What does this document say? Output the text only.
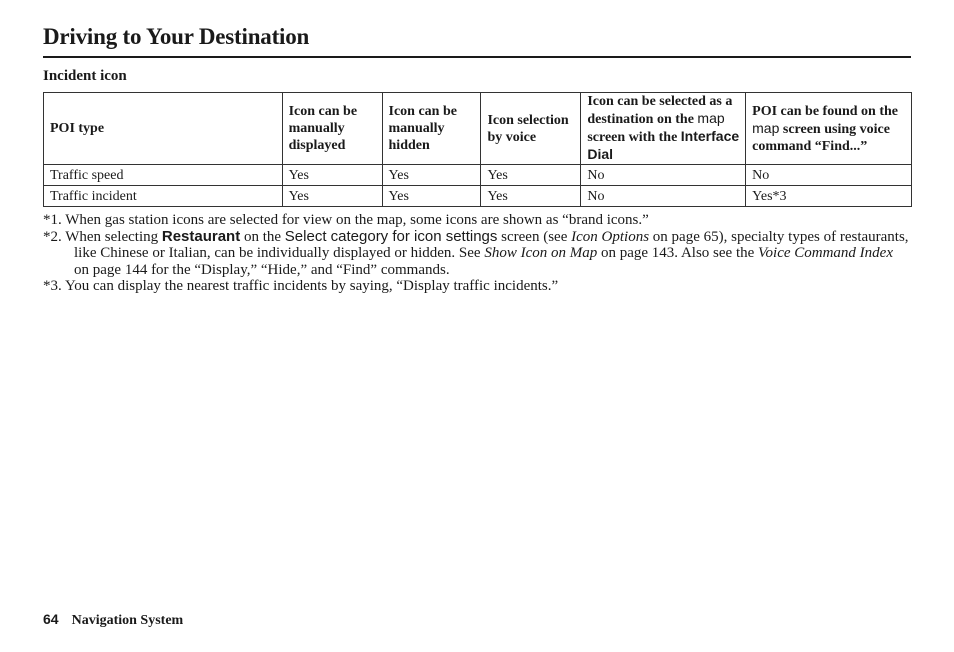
Driving to Your Destination
Incident icon
POI type	Icon can be manually displayed	Icon can be manually hidden	Icon selection by voice	Icon can be selected as a destination on the map screen with the Interface Dial	POI can be found on the map screen using voice command “Find...”
Traffic speed	Yes	Yes	Yes	No	No
Traffic incident	Yes	Yes	Yes	No	Yes*3

*1. When gas station icons are selected for view on the map, some icons are shown as “brand icons.”

*2. When selecting Restaurant on the Select category for icon settings screen (see Icon Options on page 65), specialty types of restaurants, like Chinese or Italian, can be individually displayed or hidden. See Show Icon on Map on page 143. Also see the Voice Command Index on page 144 for the “Display,” “Hide,” and “Find” commands.

*3. You can display the nearest traffic incidents by saying, “Display traffic incidents.”

64 Navigation System
